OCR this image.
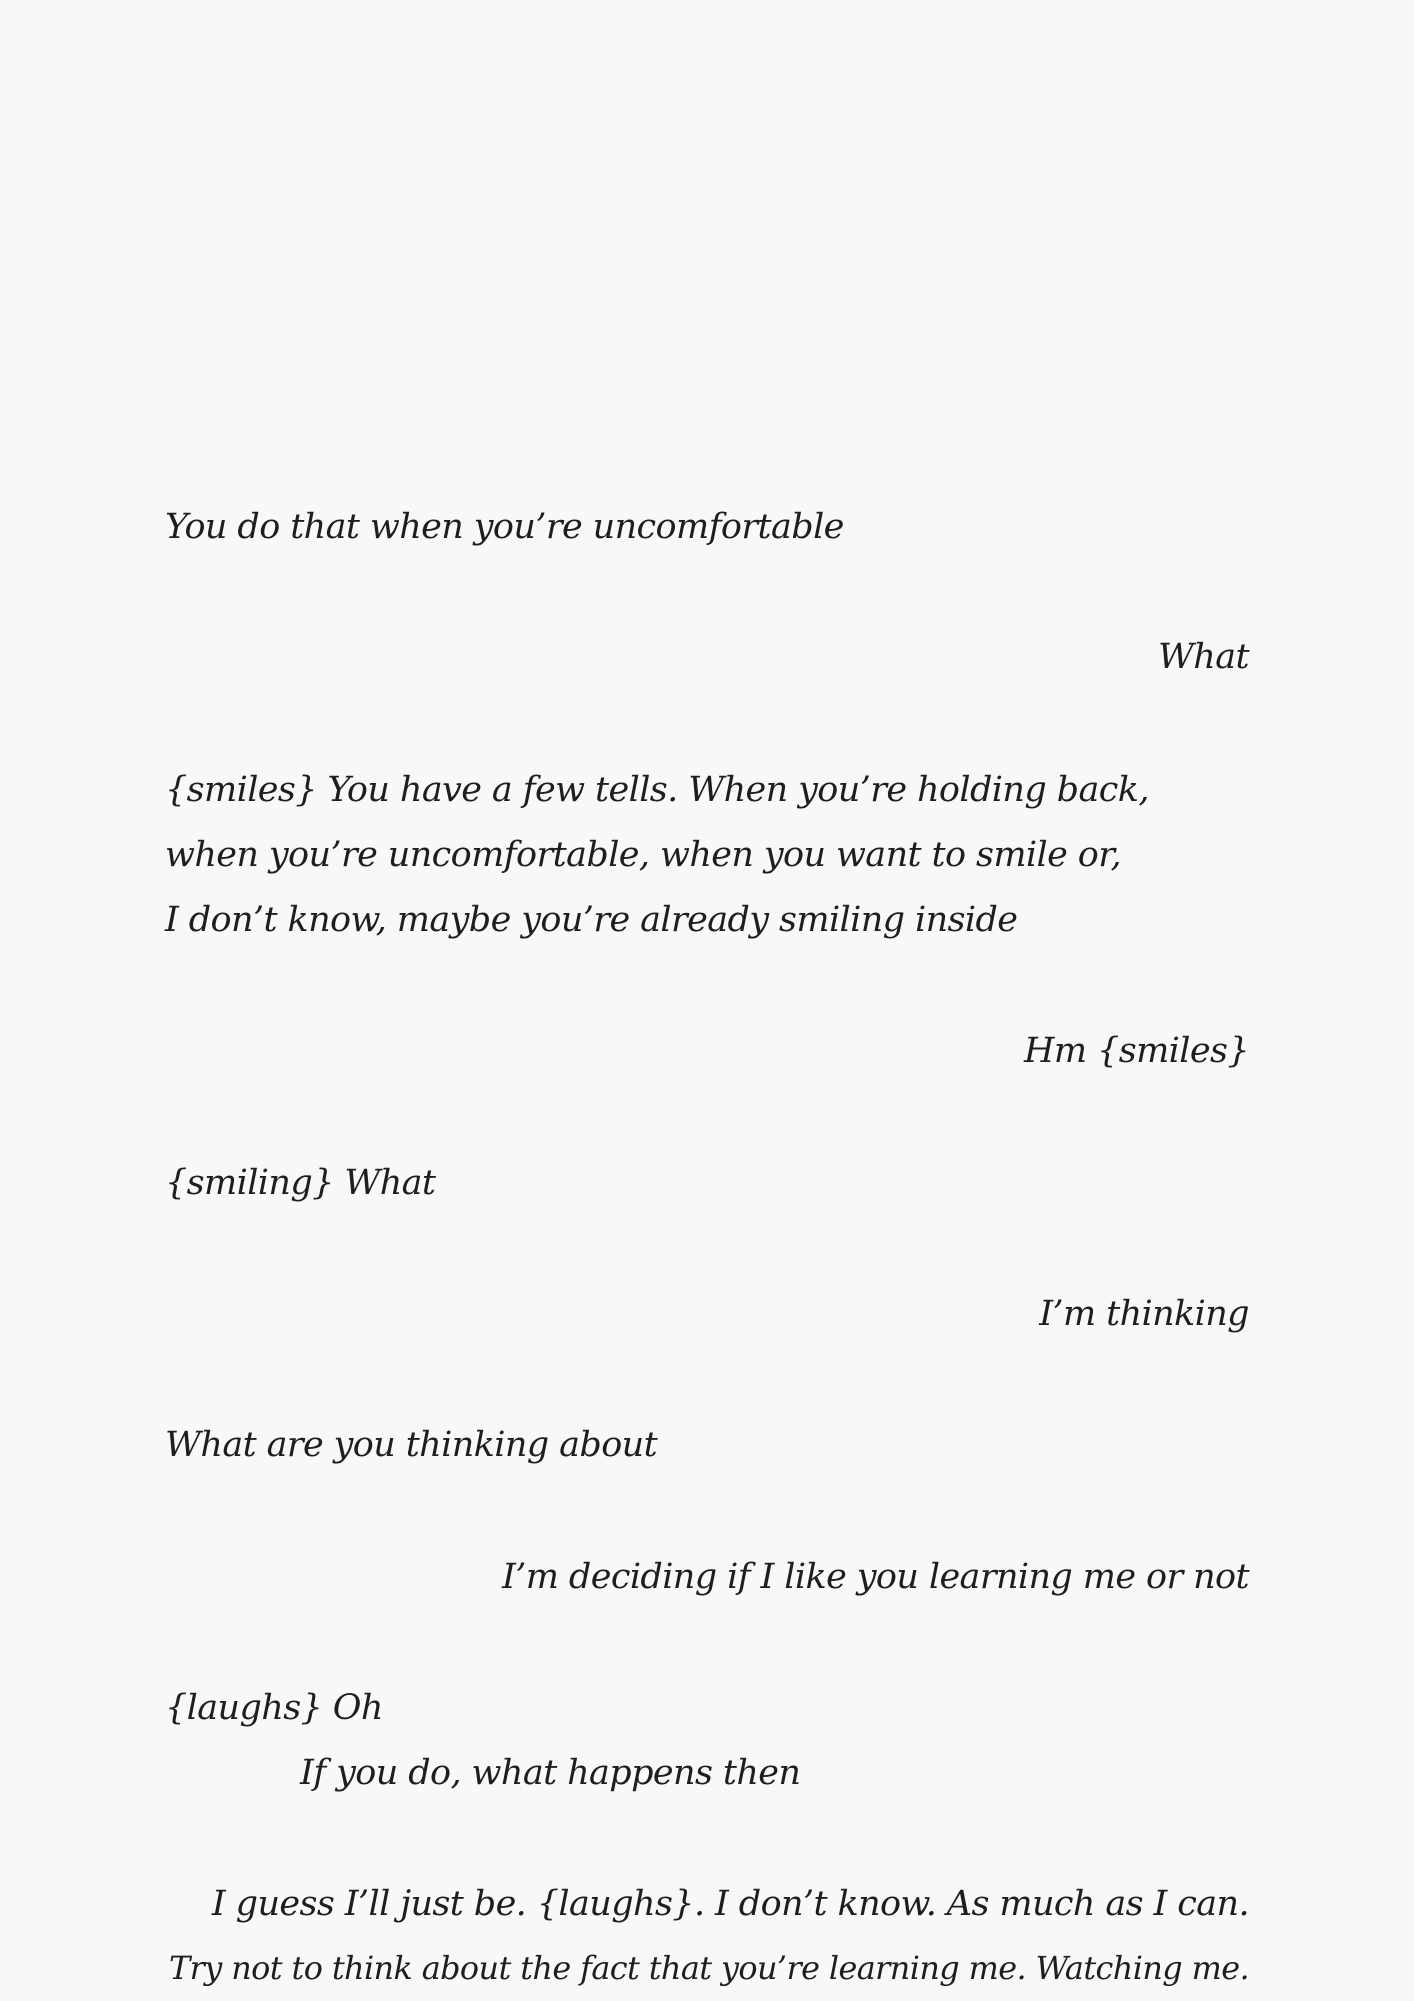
You do that when you’re uncomfortable

What

{smiles} You have a few tells. When you’re holding back,

when you’re uncomfortable, when you want to smile or,

I don’t know, maybe you’re already smiling inside

Hm {smiles}

{smiling} What

I’m thinking

What are you thinking about

I’m deciding if I like you learning me or not

{laughs} Oh

If you do, what happens then

I guess I’ll just be. {laughs}. I don’t know. As much as I can.

Try not to think about the fact that you’re learning me. Watching me.
